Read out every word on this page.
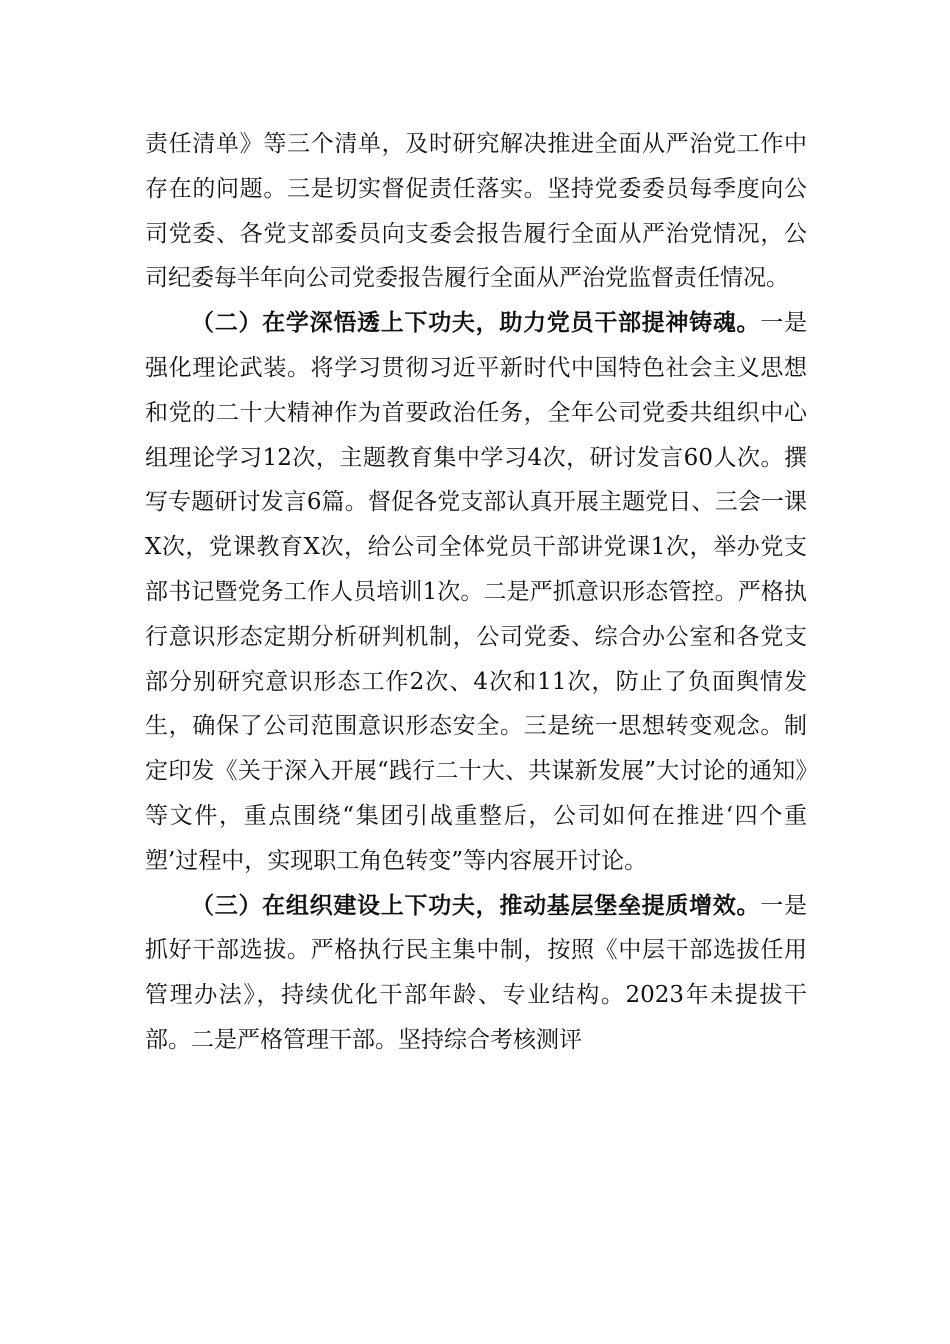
责任清单》等三个清单，及时研究解决推进全面从严治党工作中存在的问题。三是切实督促责任落实。坚持党委委员每季度向公司党委、各党支部委员向支委会报告履行全面从严治党情况，公司纪委每半年向公司党委报告履行全面从严治党监督责任情况。

（二）在学深悟透上下功夫，助力党员干部提神铸魂。一是强化理论武装。将学习贯彻习近平新时代中国特色社会主义思想和党的二十大精神作为首要政治任务，全年公司党委共组织中心组理论学习12次，主题教育集中学习4次，研讨发言60人次。撰写专题研讨发言6篇。督促各党支部认真开展主题党日、三会一课X次，党课教育X次，给公司全体党员干部讲党课1次，举办党支部书记暨党务工作人员培训1次。二是严抓意识形态管控。严格执行意识形态定期分析研判机制，公司党委、综合办公室和各党支部分别研究意识形态工作2次、4次和11次，防止了负面舆情发生，确保了公司范围意识形态安全。三是统一思想转变观念。制定印发《关于深入开展“践行二十大、共谋新发展”大讨论的通知》等文件，重点围绕“集团引战重整后，公司如何在推进‘四个重塑’过程中，实现职工角色转变”等内容展开讨论。

（三）在组织建设上下功夫，推动基层堡垒提质增效。一是抓好干部选拔。严格执行民主集中制，按照《中层干部选拔任用管理办法》，持续优化干部年龄、专业结构。2023年未提拔干部。二是严格管理干部。坚持综合考核测评
